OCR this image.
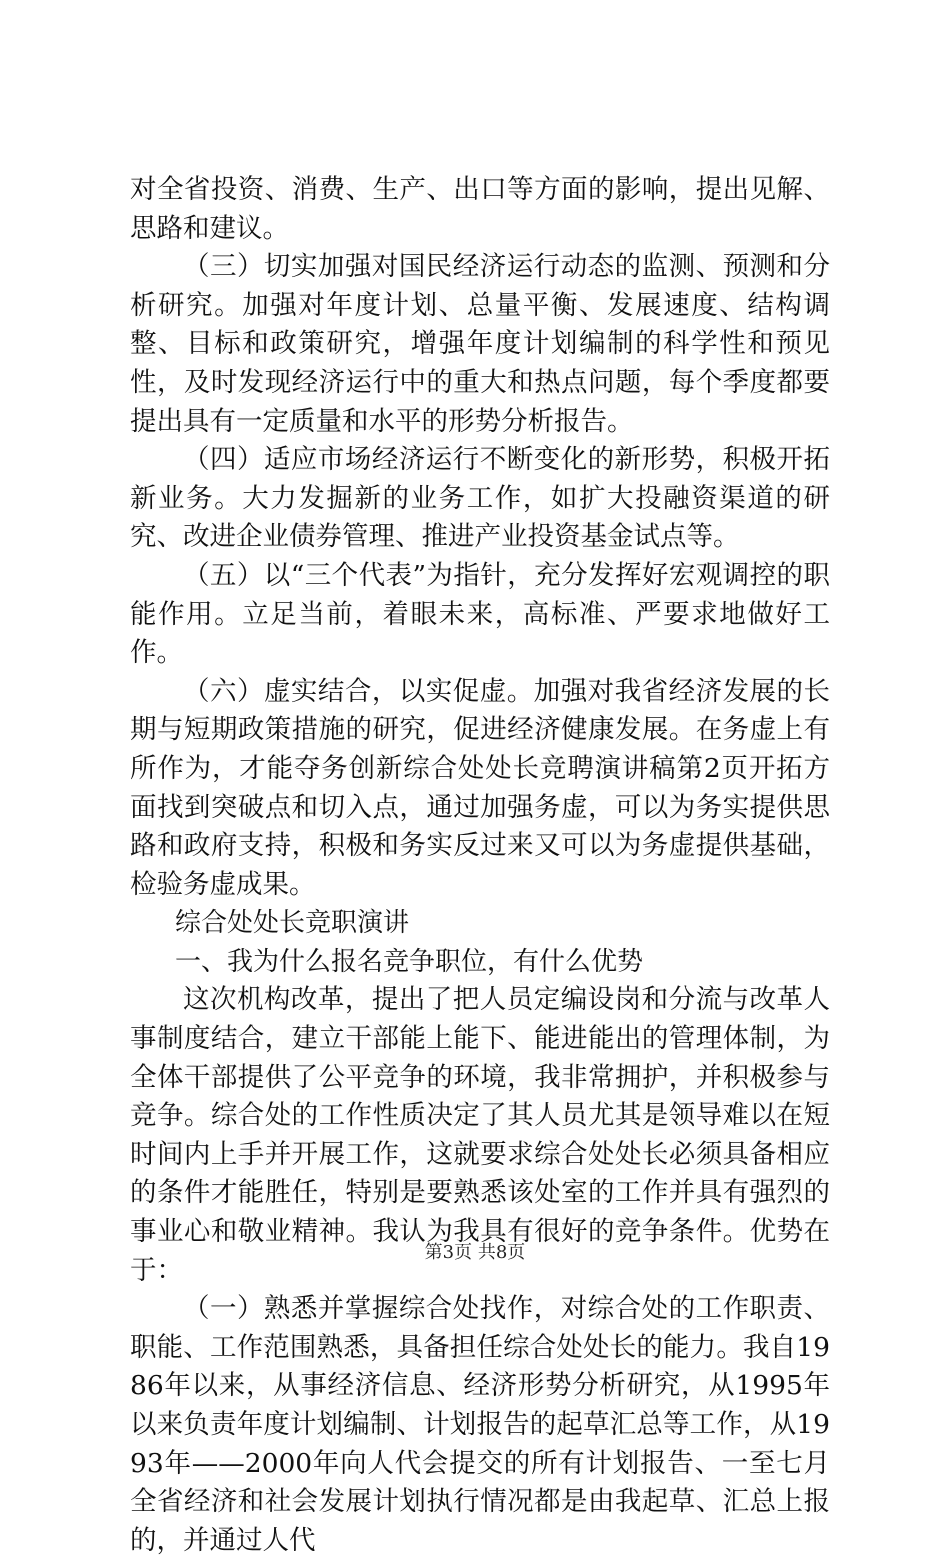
对全省投资、消费、生产、出口等方面的影响，提出见解、思路和建议。

（三）切实加强对国民经济运行动态的监测、预测和分析研究。加强对年度计划、总量平衡、发展速度、结构调整、目标和政策研究，增强年度计划编制的科学性和预见性，及时发现经济运行中的重大和热点问题，每个季度都要提出具有一定质量和水平的形势分析报告。

（四）适应市场经济运行不断变化的新形势，积极开拓新业务。大力发掘新的业务工作，如扩大投融资渠道的研究、改进企业债券管理、推进产业投资基金试点等。

（五）以“三个代表”为指针，充分发挥好宏观调控的职能作用。立足当前，着眼未来，高标准、严要求地做好工作。

（六）虚实结合，以实促虚。加强对我省经济发展的长期与短期政策措施的研究，促进经济健康发展。在务虚上有所作为，才能夺务创新综合处处长竞聘演讲稿第2页开拓方面找到突破点和切入点，通过加强务虚，可以为务实提供思路和政府支持，积极和务实反过来又可以为务虚提供基础，检验务虚成果。

综合处处长竞职演讲

一、我为什么报名竞争职位，有什么优势

这次机构改革，提出了把人员定编设岗和分流与改革人事制度结合，建立干部能上能下、能进能出的管理体制，为全体干部提供了公平竞争的环境，我非常拥护，并积极参与竞争。综合处的工作性质决定了其人员尤其是领导难以在短时间内上手并开展工作，这就要求综合处处长必须具备相应的条件才能胜任，特别是要熟悉该处室的工作并具有强烈的事业心和敬业精神。我认为我具有很好的竞争条件。优势在于：

（一）熟悉并掌握综合处找作，对综合处的工作职责、职能、工作范围熟悉，具备担任综合处处长的能力。我自1986年以来，从事经济信息、经济形势分析研究，从1995年以来负责年度计划编制、计划报告的起草汇总等工作，从1993年——2000年向人代会提交的所有计划报告、一至七月全省经济和社会发展计划执行情况都是由我起草、汇总上报的，并通过人代

第3页 共8页
